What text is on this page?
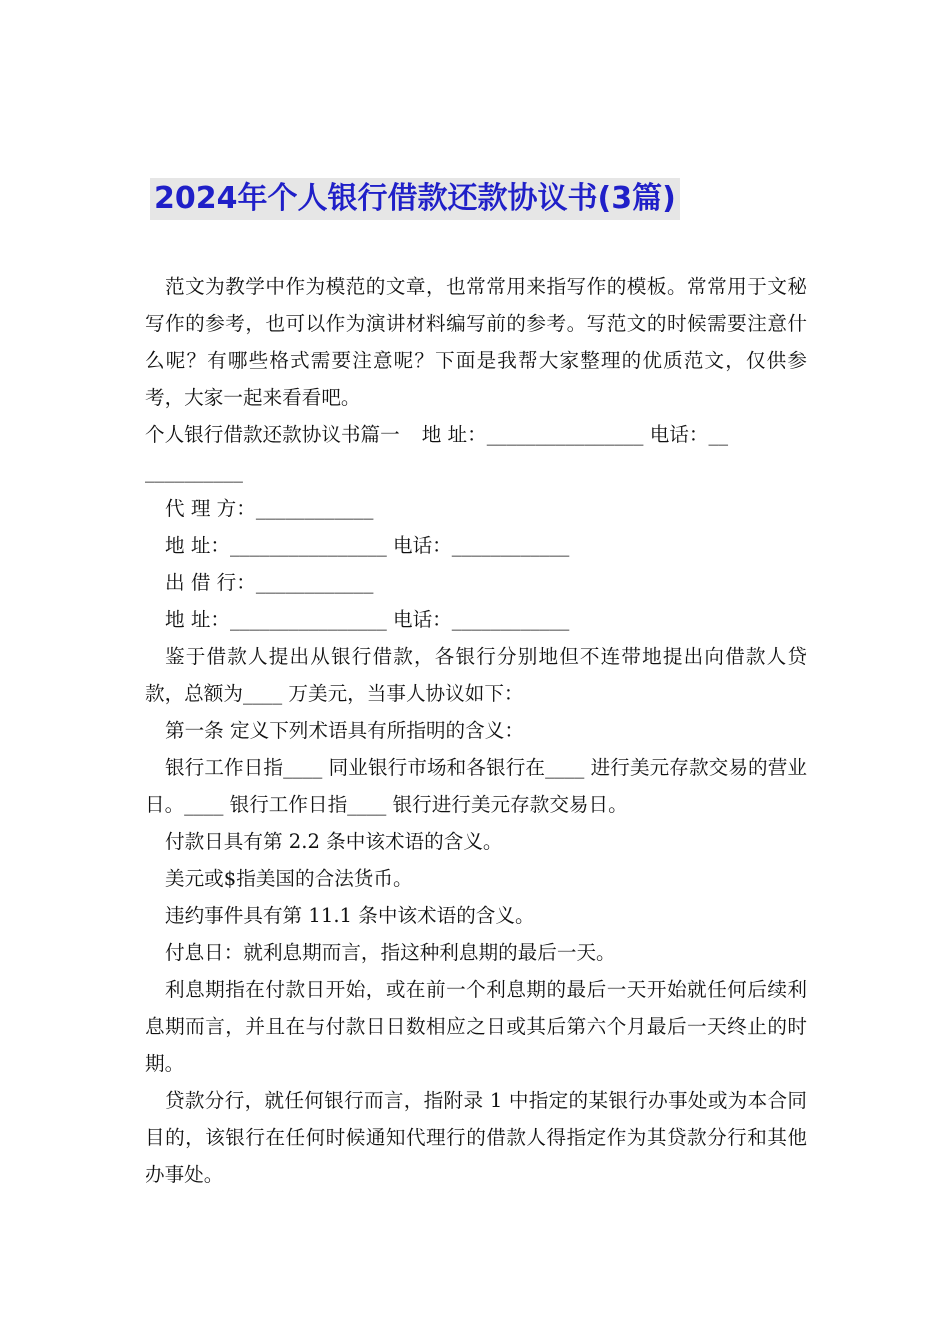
2024年个人银行借款还款协议书(3篇)

范文为教学中作为模范的文章，也常常用来指写作的模板。常常用于文秘写作的参考，也可以作为演讲材料编写前的参考。写范文的时候需要注意什么呢？有哪些格式需要注意呢？下面是我帮大家整理的优质范文，仅供参考，大家一起来看看吧。

个人银行借款还款协议书篇一 地 址：________________ 电话：__

__________

代 理 方：____________

地 址：________________ 电话：____________

出 借 行：____________

地 址：________________ 电话：____________

鉴于借款人提出从银行借款，各银行分别地但不连带地提出向借款人贷款，总额为____ 万美元，当事人协议如下：

第一条 定义下列术语具有所指明的含义：

银行工作日指____ 同业银行市场和各银行在____ 进行美元存款交易的营业日。____ 银行工作日指____ 银行进行美元存款交易日。

付款日具有第 2.2 条中该术语的含义。

美元或$指美国的合法货币。

违约事件具有第 11.1 条中该术语的含义。

付息日：就利息期而言，指这种利息期的最后一天。

利息期指在付款日开始，或在前一个利息期的最后一天开始就任何后续利息期而言，并且在与付款日日数相应之日或其后第六个月最后一天终止的时期。

贷款分行，就任何银行而言，指附录 1 中指定的某银行办事处或为本合同目的，该银行在任何时候通知代理行的借款人得指定作为其贷款分行和其他办事处。
